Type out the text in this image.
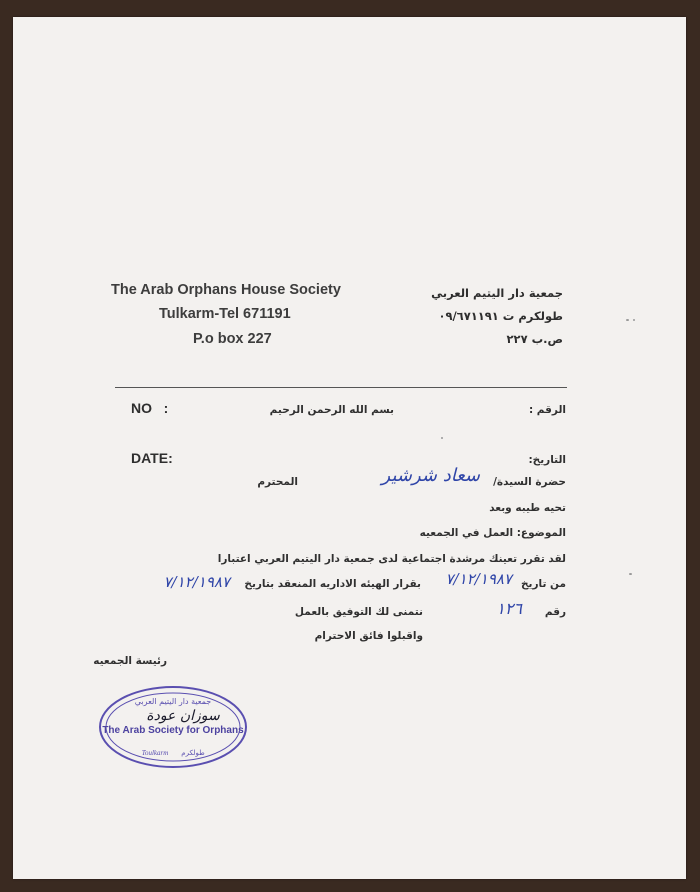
The Arab Orphans House Society
Tulkarm-Tel 671191
P.o box 227
جمعية دار اليتيم العربي
طولكرم ت ٠٩/٦٧١١٩١
ص.ب ٢٢٧
الرقم :
بسم الله الرحمن الرحيم
NO   :
التاريخ:
DATE:
حضرة السيدة/
سعاد شرشير
المحترم
تحيه طيبه وبعد
الموضوع: العمل في الجمعيه
لقد تقرر تعينك مرشدة اجتماعية لدى جمعية دار اليتيم العربي اعتبارا
من تاريخ
٧/١٢/١٩٨٧
بقرار الهيئه الاداريه المنعقد بتاريخ
٧/١٢/١٩٨٧
رقم
١٢٦
نتمنى لك التوفيق بالعمل
واقبلوا فائق الاحترام
رئيسة الجمعيه
جمعية دار اليتيم العربي
The Arab Society for Orphans
Toulkarm طولكرم
سوزان عودة
